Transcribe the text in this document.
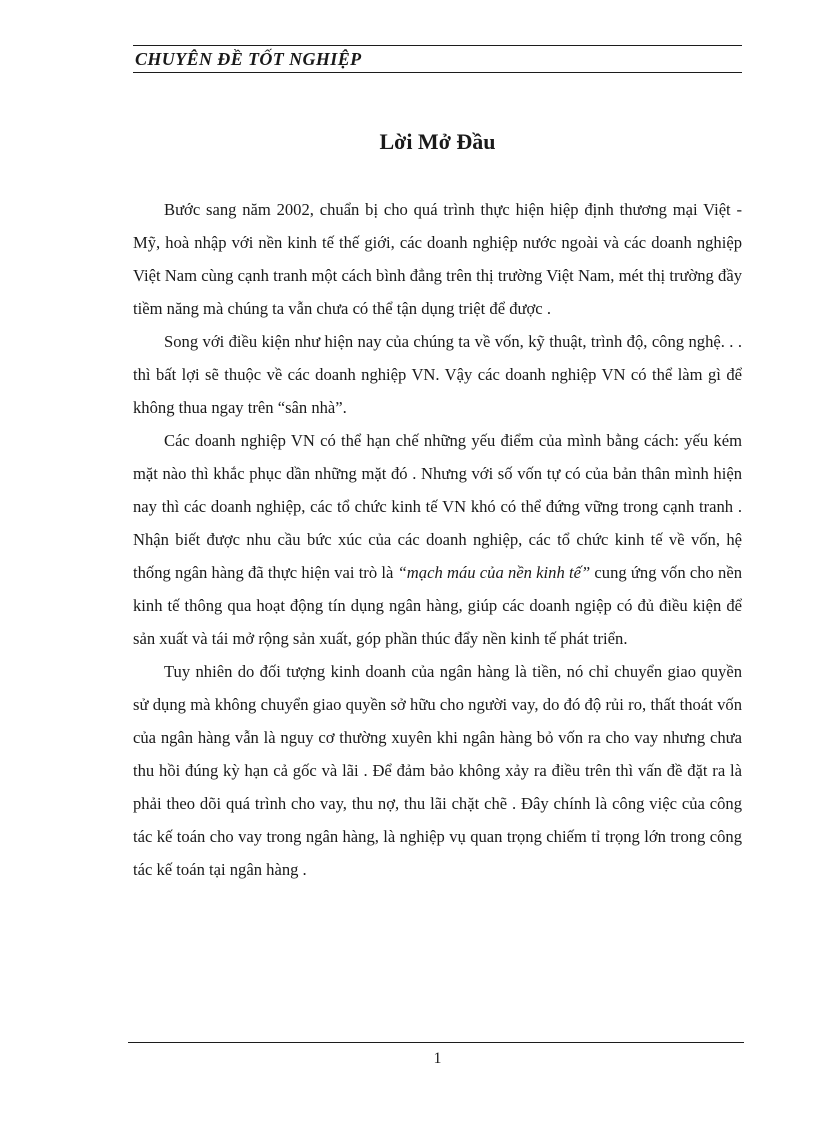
CHUYÊN ĐỀ TỐT NGHIỆP
Lời Mở Đầu

Bước sang năm 2002, chuẩn bị cho quá trình thực hiện hiệp định thương mại Việt -Mỹ, hoà nhập với nền kinh tế thế giới, các doanh nghiệp nước ngoài và các doanh nghiệp Việt Nam cùng cạnh tranh một cách bình đẳng trên thị trường Việt Nam, mét thị trường đầy tiềm năng mà chúng ta vẫn chưa có thể tận dụng triệt để được .

Song với điều kiện như hiện nay của chúng ta về vốn, kỹ thuật, trình độ, công nghệ. . . thì bất lợi sẽ thuộc về các doanh nghiệp VN. Vậy các doanh nghiệp VN có thể làm gì để không thua ngay trên “sân nhà”.

Các doanh nghiệp VN có thể hạn chế những yếu điểm của mình bằng cách: yếu kém mặt nào thì khắc phục dần những mặt đó . Nhưng với số vốn tự có của bản thân mình hiện nay thì các doanh nghiệp, các tổ chức kinh tế VN khó có thể đứng vững trong cạnh tranh . Nhận biết được nhu cầu bức xúc của các doanh nghiệp, các tổ chức kinh tế về vốn, hệ thống ngân hàng đã thực hiện vai trò là “mạch máu của nền kinh tế” cung ứng vốn cho nền kinh tế thông qua hoạt động tín dụng ngân hàng, giúp các doanh ngiệp có đủ điều kiện để sản xuất và tái mở rộng sản xuất, góp phần thúc đẩy nền kinh tế phát triển.

Tuy nhiên do đối tượng kinh doanh của ngân hàng là tiền, nó chỉ chuyển giao quyền sử dụng mà không chuyển giao quyền sở hữu cho người vay, do đó độ rủi ro, thất thoát vốn của ngân hàng vẫn là nguy cơ thường xuyên khi ngân hàng bỏ vốn ra cho vay nhưng chưa thu hồi đúng kỳ hạn cả gốc và lãi . Để đảm bảo không xảy ra điều trên thì vấn đề đặt ra là phải theo dõi quá trình cho vay, thu nợ, thu lãi chặt chẽ . Đây chính là công việc của công tác kế toán cho vay trong ngân hàng, là nghiệp vụ quan trọng chiếm tỉ trọng lớn trong công tác kế toán tại ngân hàng .

1
